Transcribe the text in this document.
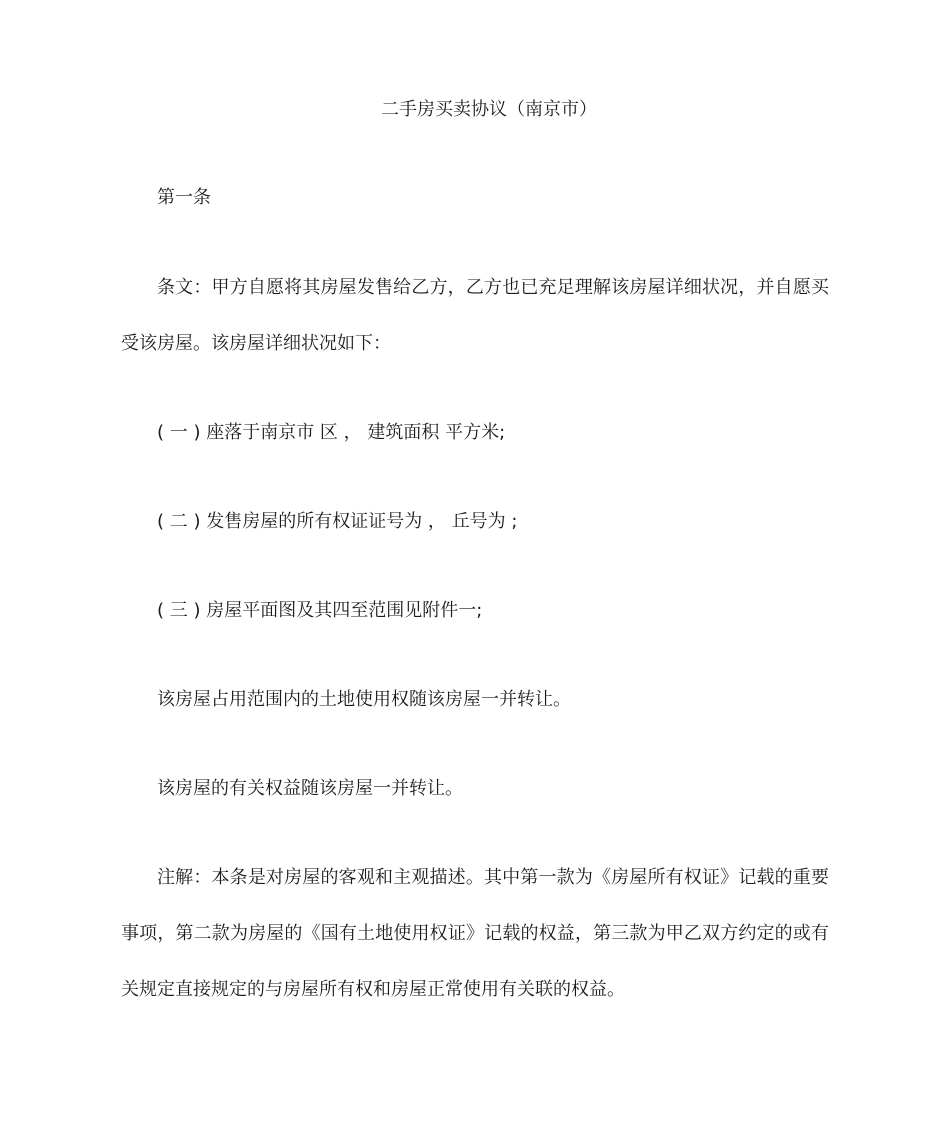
二手房买卖协议（南京市）
第一条
条文：甲方自愿将其房屋发售给乙方，乙方也已充足理解该房屋详细状况，并自愿买
受该房屋。该房屋详细状况如下：
( 一 ) 座落于南京市 区 ， 建筑面积 平方米;
( 二 ) 发售房屋的所有权证证号为 ， 丘号为 ;
( 三 ) 房屋平面图及其四至范围见附件一;
该房屋占用范围内的土地使用权随该房屋一并转让。
该房屋的有关权益随该房屋一并转让。
注解：本条是对房屋的客观和主观描述。其中第一款为《房屋所有权证》记载的重要
事项，第二款为房屋的《国有土地使用权证》记载的权益，第三款为甲乙双方约定的或有
关规定直接规定的与房屋所有权和房屋正常使用有关联的权益。
